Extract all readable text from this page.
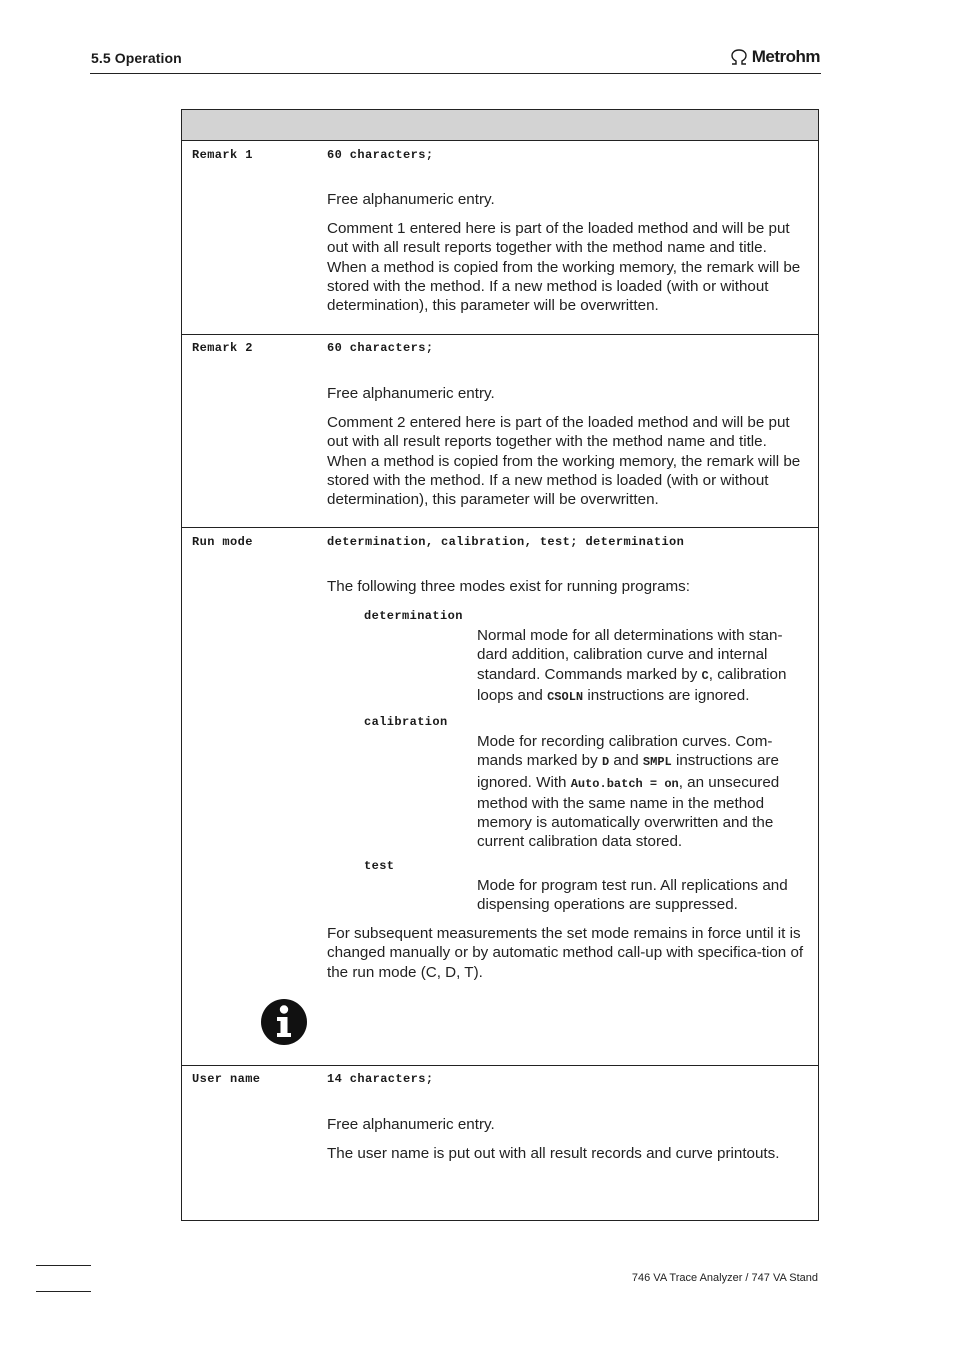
5.5 Operation	Metrohm
Remark 1	60 characters;
Free alphanumeric entry.
Comment 1 entered here is part of the loaded method and will be put out with all result reports together with the method name and title. When a method is copied from the working memory, the remark will be stored with the method. If a new method is loaded (with or without determination), this parameter will be overwritten.
Remark 2	60 characters;
Free alphanumeric entry.
Comment 2 entered here is part of the loaded method and will be put out with all result reports together with the method name and title. When a method is copied from the working memory, the remark will be stored with the method. If a new method is loaded (with or without determination), this parameter will be overwritten.
Run mode	determination, calibration, test; determination
The following three modes exist for running programs:
determination
Normal mode for all determinations with stan-dard addition, calibration curve and internal standard. Commands marked by C, calibration loops and CSOLN instructions are ignored.
calibration
Mode for recording calibration curves. Com-mands marked by D and SMPL instructions are ignored. With Auto.batch = on, an unsecured method with the same name in the method memory is automatically overwritten and the current calibration data stored.
test
Mode for program test run. All replications and dispensing operations are suppressed.
For subsequent measurements the set mode remains in force until it is changed manually or by automatic method call-up with specifica-tion of the run mode (C, D, T).
User name	14 characters;
Free alphanumeric entry.
The user name is put out with all result records and curve printouts.
746 VA Trace Analyzer / 747 VA Stand
